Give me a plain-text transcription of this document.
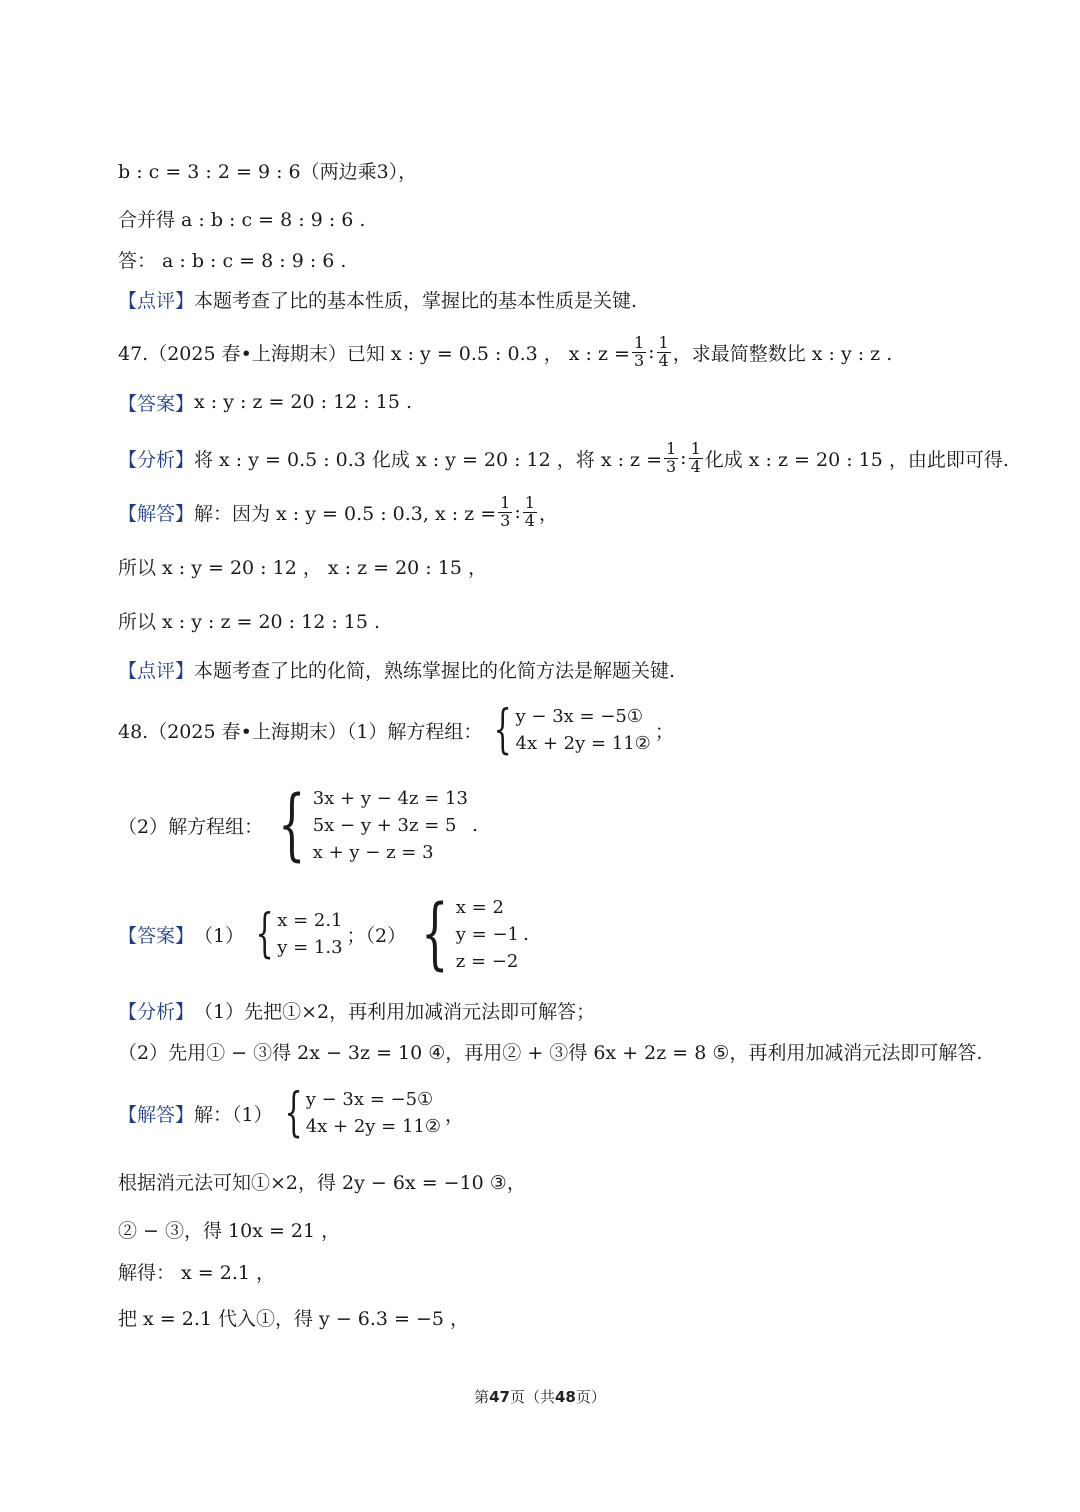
b : c = 3 : 2 = 9 : 6（两边乘3），
合并得 a : b : c = 8 : 9 : 6 .
答： a : b : c = 8 : 9 : 6 .
【点评】 本题考查了比的基本性质，掌握比的基本性质是关键.
47.（2025 春•上海期末）已知 x : y = 0.5 : 0.3 ， x : $z = \frac{1}{3}$ : $\frac{1}{4}$ ，求最简整数比 x : y : z .
【答案】 x : y : z = 20 : 12 : 15 .
【分析】 将 x : y = 0.5 : 0.3 化成 x : y = 20 : 12 ，将 x : $z = \frac{1}{3}$ : $\frac{1}{4}$ 化成 x : z = 20 : 15 ，由此即可得.
【解答】 解：因为 x : y = 0.5 : 0.3, x : $z = \frac{1}{3}$ : $\frac{1}{4}$ ，
所以 x : y = 20 : 12 ， x : z = 20 : 15 ，
所以 x : y : z = 20 : 12 : 15 .
【点评】 本题考查了比的化简，熟练掌握比的化简方法是解题关键.
48.（2025 春•上海期末）（1）解方程组： { y − 3x = −5①
4x + 2y = 11②
；
（2）解方程组： { 3x + y − 4z = 13
5x − y + 3z = 5
x + y − z = 3
.
【答案】 （1） { x = 2.1
y = 1.3
；（2） { x = 2
y = −1
z = −2
.
【分析】 （1）先把①×2，再利用加减消元法即可解答；
（2）先用① − ③得 2x − 3z = 10 ④，再用② + ③得 6x + 2z = 8 ⑤，再利用加减消元法即可解答.
【解答】 解：（1） { y − 3x = −5①
4x + 2y = 11②
，
根据消元法可知①×2，得 2y − 6x = −10 ③，
② − ③，得 10x = 21 ，
解得： x = 2.1 ，
把 x = 2.1 代入①，得 y − 6.3 = −5 ，
第47页（共48页）
